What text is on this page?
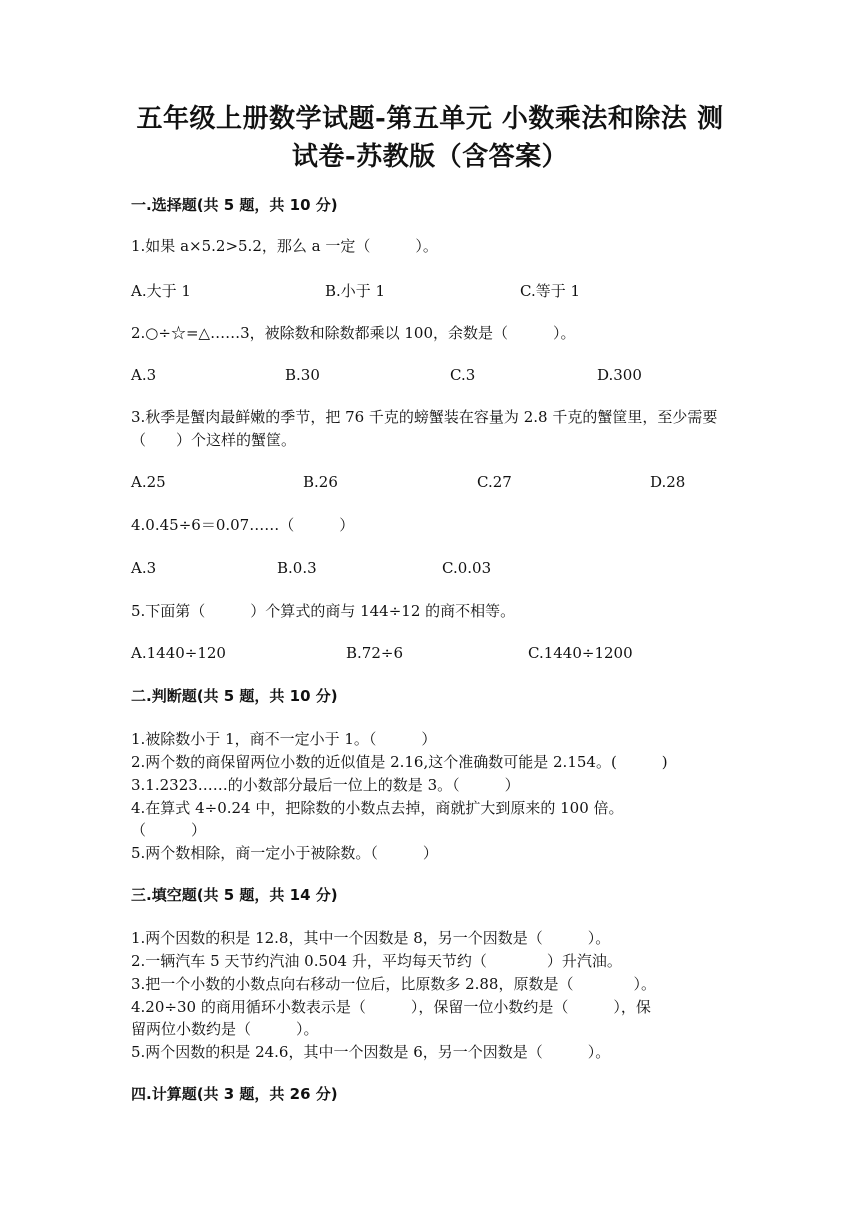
五年级上册数学试题-第五单元 小数乘法和除法 测
试卷-苏教版（含答案）
一.选择题(共 5 题，共 10 分)
1.如果 a×5.2>5.2，那么 a 一定（　　　）。
A.大于 1	B.小于 1	C.等于 1
2.○÷☆=△……3，被除数和除数都乘以 100，余数是（　　　）。
A.3	B.30	C.3	D.300
3.秋季是蟹肉最鲜嫩的季节，把 76 千克的螃蟹装在容量为 2.8 千克的蟹筐里，至少需要（　　）个这样的蟹筐。
A.25	B.26	C.27	D.28
4.0.45÷6＝0.07……（　　　）
A.3	B.0.3	C.0.03
5.下面第（　　　）个算式的商与 144÷12 的商不相等。
A.1440÷120	B.72÷6	C.1440÷1200
二.判断题(共 5 题，共 10 分)
1.被除数小于 1，商不一定小于 1。（　　　）
2.两个数的商保留两位小数的近似值是 2.16,这个准确数可能是 2.154。(　　　)
3.1.2323……的小数部分最后一位上的数是 3。（　　　）
4.在算式 4÷0.24 中，把除数的小数点去掉，商就扩大到原来的 100 倍。
（　　　）
5.两个数相除，商一定小于被除数。（　　　）
三.填空题(共 5 题，共 14 分)
1.两个因数的积是 12.8，其中一个因数是 8，另一个因数是（　　　）。
2.一辆汽车 5 天节约汽油 0.504 升，平均每天节约（　　　　）升汽油。
3.把一个小数的小数点向右移动一位后，比原数多 2.88，原数是（　　　　）。
4.20÷30 的商用循环小数表示是（　　　），保留一位小数约是（　　　），保
留两位小数约是（　　　）。
5.两个因数的积是 24.6，其中一个因数是 6，另一个因数是（　　　）。
四.计算题(共 3 题，共 26 分)
